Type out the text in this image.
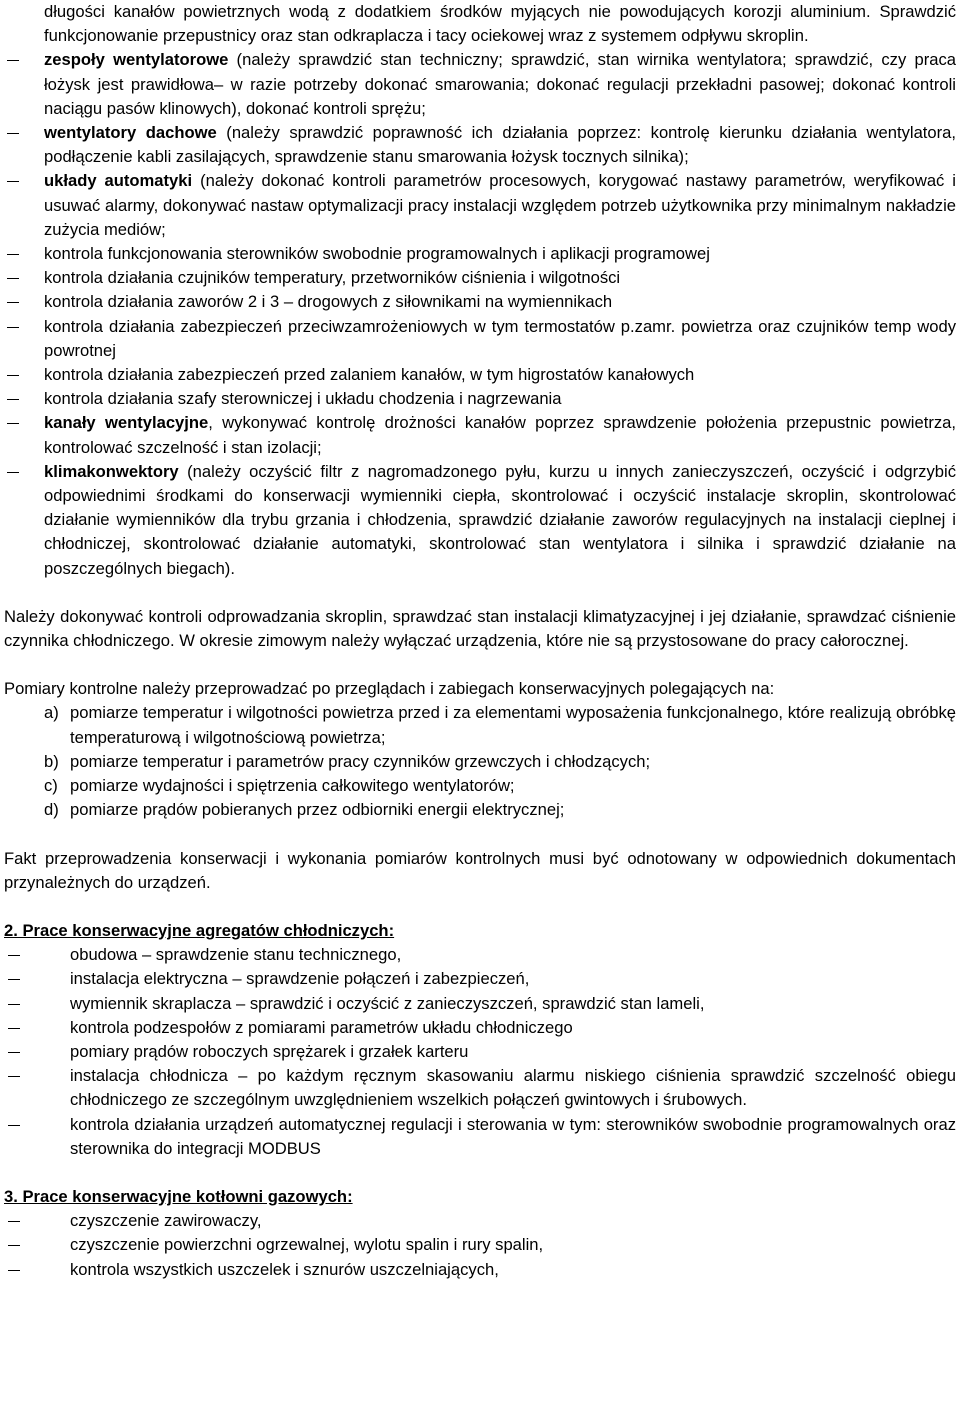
długości kanałów powietrznych wodą z dodatkiem środków myjących nie powodujących korozji aluminium. Sprawdzić funkcjonowanie przepustnicy oraz stan odkraplacza i tacy ociekowej wraz z systemem odpływu skroplin.

zespoły wentylatorowe (należy sprawdzić stan techniczny; sprawdzić, stan wirnika wentylatora; sprawdzić, czy praca łożysk jest prawidłowa– w razie potrzeby dokonać smarowania; dokonać regulacji przekładni pasowej; dokonać kontroli naciągu pasów klinowych), dokonać kontroli sprężu;
wentylatory dachowe (należy sprawdzić poprawność ich działania poprzez: kontrolę kierunku działania wentylatora, podłączenie kabli zasilających, sprawdzenie stanu smarowania łożysk tocznych silnika);
układy automatyki (należy dokonać kontroli parametrów procesowych, korygować nastawy parametrów, weryfikować i usuwać alarmy, dokonywać nastaw optymalizacji pracy instalacji względem potrzeb użytkownika przy minimalnym nakładzie zużycia mediów;
kontrola funkcjonowania sterowników swobodnie programowalnych i aplikacji programowej
kontrola działania czujników temperatury, przetworników ciśnienia i wilgotności
kontrola działania zaworów 2 i 3 – drogowych z siłownikami na wymiennikach
kontrola działania zabezpieczeń przeciwzamrożeniowych w tym termostatów p.zamr. powietrza oraz czujników temp wody powrotnej
kontrola działania zabezpieczeń przed zalaniem kanałów, w tym higrostatów kanałowych
kontrola działania szafy sterowniczej i układu chodzenia i nagrzewania
kanały wentylacyjne, wykonywać kontrolę drożności kanałów poprzez sprawdzenie położenia przepustnic powietrza, kontrolować szczelność i stan izolacji;
klimakonwektory (należy oczyścić filtr z nagromadzonego pyłu, kurzu u innych zanieczyszczeń, oczyścić i odgrzybić odpowiednimi środkami do konserwacji wymienniki ciepła, skontrolować i oczyścić instalacje skroplin, skontrolować działanie wymienników dla trybu grzania i chłodzenia, sprawdzić działanie zaworów regulacyjnych na instalacji cieplnej i chłodniczej, skontrolować działanie automatyki, skontrolować stan wentylatora i silnika i sprawdzić działanie na poszczególnych biegach).

Należy dokonywać kontroli odprowadzania skroplin, sprawdzać stan instalacji klimatyzacyjnej i jej działanie, sprawdzać ciśnienie czynnika chłodniczego. W okresie zimowym należy wyłączać urządzenia, które nie są przystosowane do pracy całorocznej.

Pomiary kontrolne należy przeprowadzać po przeglądach i zabiegach konserwacyjnych polegających na:

a) pomiarze temperatur i wilgotności powietrza przed i za elementami wyposażenia funkcjonalnego, które realizują obróbkę temperaturową i wilgotnościową powietrza;
b) pomiarze temperatur i parametrów pracy czynników grzewczych i chłodzących;
c) pomiarze wydajności i spiętrzenia całkowitego wentylatorów;
d) pomiarze prądów pobieranych przez odbiorniki energii elektrycznej;

Fakt przeprowadzenia konserwacji i wykonania pomiarów kontrolnych musi być odnotowany w odpowiednich dokumentach przynależnych do urządzeń.

2. Prace konserwacyjne agregatów chłodniczych:

obudowa – sprawdzenie stanu technicznego,
instalacja elektryczna – sprawdzenie połączeń i zabezpieczeń,
wymiennik skraplacza – sprawdzić i oczyścić z zanieczyszczeń, sprawdzić stan lameli,
kontrola podzespołów z pomiarami parametrów układu chłodniczego
pomiary prądów roboczych sprężarek i grzałek karteru
instalacja chłodnicza – po każdym ręcznym skasowaniu alarmu niskiego ciśnienia sprawdzić szczelność obiegu chłodniczego ze szczególnym uwzględnieniem wszelkich połączeń gwintowych i śrubowych.
kontrola działania urządzeń automatycznej regulacji i sterowania w tym: sterowników swobodnie programowalnych oraz sterownika do integracji MODBUS

3. Prace konserwacyjne kotłowni gazowych:

czyszczenie zawirowaczy,
czyszczenie powierzchni ogrzewalnej, wylotu spalin i rury spalin,
kontrola wszystkich uszczelek i sznurów uszczelniających,
